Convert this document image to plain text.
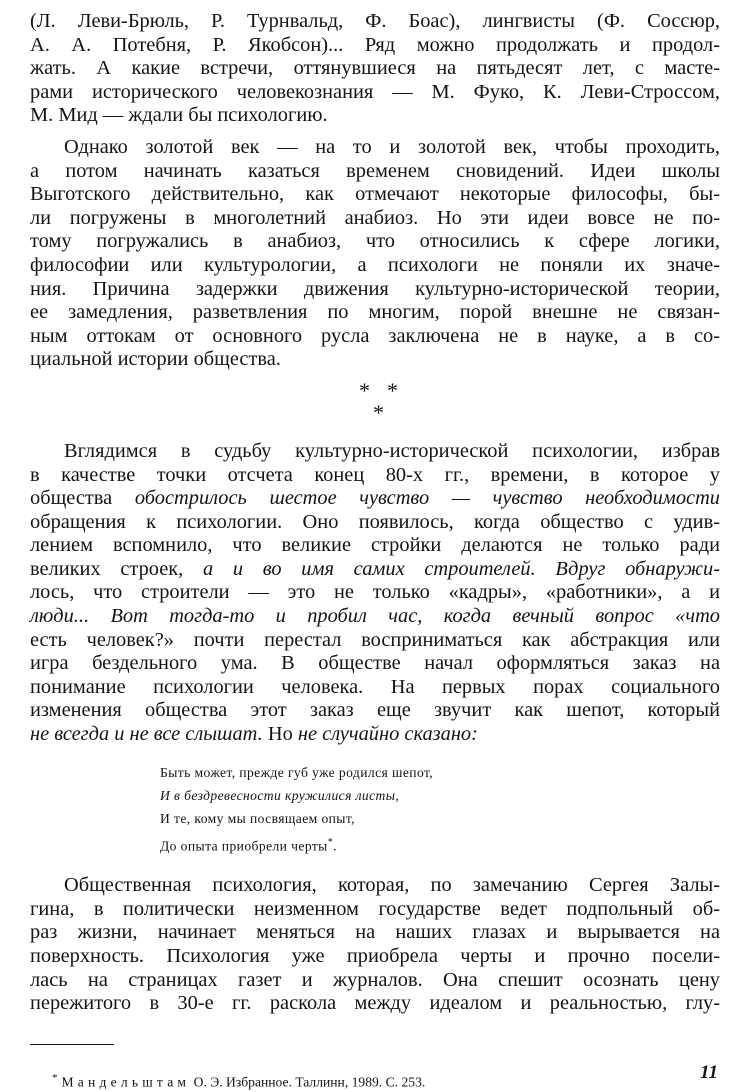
(Л. Леви-Брюль, Р. Турнвальд, Ф. Боас), лингвисты (Ф. Соссюр,
А. А. Потебня, Р. Якобсон)... Ряд можно продолжать и продол-
жать. А какие встречи, оттянувшиеся на пятьдесят лет, с масте-
рами исторического человекознания — М. Фуко, К. Леви-Строссом,
М. Мид — ждали бы психологию.
Однако золотой век — на то и золотой век, чтобы проходить,
а потом начинать казаться временем сновидений. Идеи школы
Выготского действительно, как отмечают некоторые философы, бы-
ли погружены в многолетний анабиоз. Но эти идеи вовсе не по-
тому погружались в анабиоз, что относились к сфере логики,
философии или культурологии, а психологи не поняли их значе-
ния. Причина задержки движения культурно-исторической теории,
ее замедления, разветвления по многим, порой внешне не связан-
ным оттокам от основного русла заключена не в науке, а в со-
циальной истории общества.
* *
*
Вглядимся в судьбу культурно-исторической психологии, избрав
в качестве точки отсчета конец 80-х гг., времени, в которое у
общества обострилось шестое чувство — чувство необходимости
обращения к психологии. Оно появилось, когда общество с удив-
лением вспомнило, что великие стройки делаются не только ради
великих строек, а и во имя самих строителей. Вдруг обнаружи-
лось, что строители — это не только «кадры», «работники», а и
люди... Вот тогда-то и пробил час, когда вечный вопрос «что
есть человек?» почти перестал восприниматься как абстракция или
игра бездельного ума. В обществе начал оформляться заказ на
понимание психологии человека. На первых порах социального
изменения общества этот заказ еще звучит как шепот, который
не всегда и не все слышат. Но не случайно сказано:
Быть может, прежде губ уже родился шепот,
И в бездревесности кружилися листы,
И те, кому мы посвящаем опыт,
До опыта приобрели черты*.
Общественная психология, которая, по замечанию Сергея Залы-
гина, в политически неизменном государстве ведет подпольный об-
раз жизни, начинает меняться на наших глазах и вырывается на
поверхность. Психология уже приобрела черты и прочно посели-
лась на страницах газет и журналов. Она спешит осознать цену
пережитого в 30-е гг. раскола между идеалом и реальностью, глу-
* Мандельштам О. Э. Избранное. Таллинн, 1989. С. 253.	11
